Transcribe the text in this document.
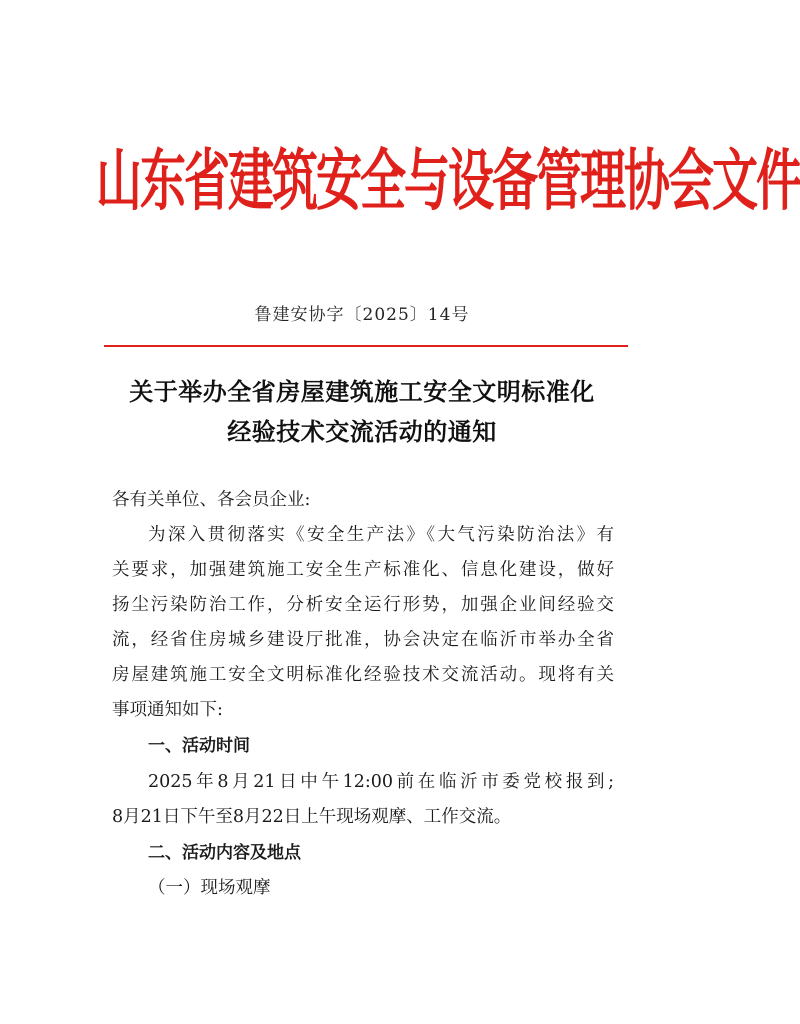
山东省建筑安全与设备管理协会文件
鲁建安协字〔2025〕14号
关于举办全省房屋建筑施工安全文明标准化
经验技术交流活动的通知
各有关单位、各会员企业:
为深入贯彻落实《安全生产法》《大气污染防治法》有
关要求，加强建筑施工安全生产标准化、信息化建设，做好
扬尘污染防治工作，分析安全运行形势，加强企业间经验交
流，经省住房城乡建设厅批准，协会决定在临沂市举办全省
房屋建筑施工安全文明标准化经验技术交流活动。现将有关
事项通知如下:
一、活动时间
2025年8月21日中午12:00前在临沂市委党校报到;
8月21日下午至8月22日上午现场观摩、工作交流。
二、活动内容及地点
（一）现场观摩
